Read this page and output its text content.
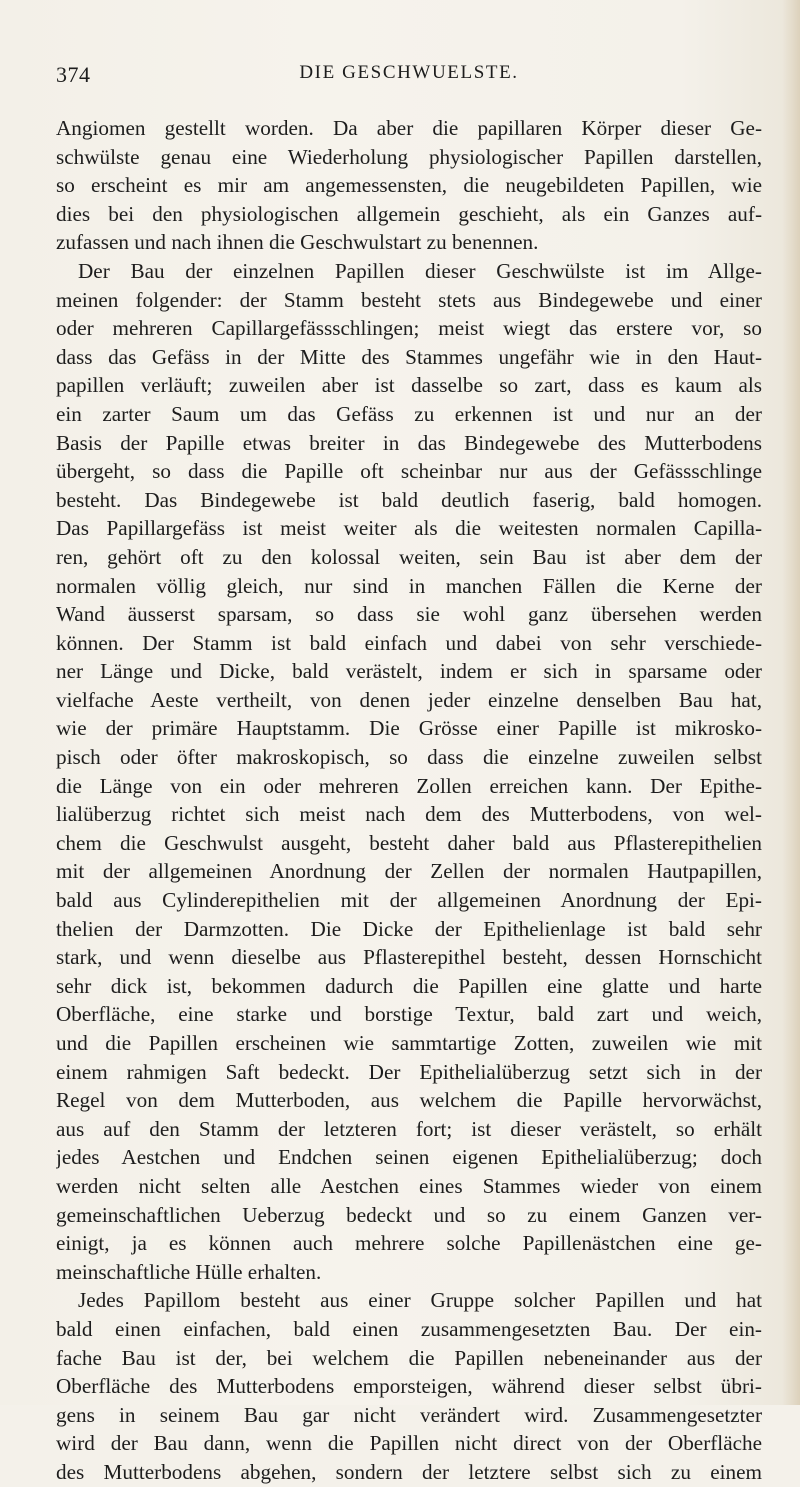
374	DIE GESCHWUELSTE.
Angiomen gestellt worden. Da aber die papillaren Körper dieser Ge-
schwülste genau eine Wiederholung physiologischer Papillen darstellen,
so erscheint es mir am angemessensten, die neugebildeten Papillen, wie
dies bei den physiologischen allgemein geschieht, als ein Ganzes auf-
zufassen und nach ihnen die Geschwulstart zu benennen.
Der Bau der einzelnen Papillen dieser Geschwülste ist im Allge-
meinen folgender: der Stamm besteht stets aus Bindegewebe und einer
oder mehreren Capillargefässschlingen; meist wiegt das erstere vor, so
dass das Gefäss in der Mitte des Stammes ungefähr wie in den Haut-
papillen verläuft; zuweilen aber ist dasselbe so zart, dass es kaum als
ein zarter Saum um das Gefäss zu erkennen ist und nur an der
Basis der Papille etwas breiter in das Bindegewebe des Mutterbodens
übergeht, so dass die Papille oft scheinbar nur aus der Gefässschlinge
besteht. Das Bindegewebe ist bald deutlich faserig, bald homogen.
Das Papillargefäss ist meist weiter als die weitesten normalen Capilla-
ren, gehört oft zu den kolossal weiten, sein Bau ist aber dem der
normalen völlig gleich, nur sind in manchen Fällen die Kerne der
Wand äusserst sparsam, so dass sie wohl ganz übersehen werden
können. Der Stamm ist bald einfach und dabei von sehr verschiede-
ner Länge und Dicke, bald verästelt, indem er sich in sparsame oder
vielfache Aeste vertheilt, von denen jeder einzelne denselben Bau hat,
wie der primäre Hauptstamm. Die Grösse einer Papille ist mikrosko-
pisch oder öfter makroskopisch, so dass die einzelne zuweilen selbst
die Länge von ein oder mehreren Zollen erreichen kann. Der Epithe-
lialüberzug richtet sich meist nach dem des Mutterbodens, von wel-
chem die Geschwulst ausgeht, besteht daher bald aus Pflasterepithelien
mit der allgemeinen Anordnung der Zellen der normalen Hautpapillen,
bald aus Cylinderepithelien mit der allgemeinen Anordnung der Epi-
thelien der Darmzotten. Die Dicke der Epithelienlage ist bald sehr
stark, und wenn dieselbe aus Pflasterepithel besteht, dessen Hornschicht
sehr dick ist, bekommen dadurch die Papillen eine glatte und harte
Oberfläche, eine starke und borstige Textur, bald zart und weich,
und die Papillen erscheinen wie sammtartige Zotten, zuweilen wie mit
einem rahmigen Saft bedeckt. Der Epithelialüberzug setzt sich in der
Regel von dem Mutterboden, aus welchem die Papille hervorwächst,
aus auf den Stamm der letzteren fort; ist dieser verästelt, so erhält
jedes Aestchen und Endchen seinen eigenen Epithelialüberzug; doch
werden nicht selten alle Aestchen eines Stammes wieder von einem
gemeinschaftlichen Ueberzug bedeckt und so zu einem Ganzen ver-
einigt, ja es können auch mehrere solche Papillenästchen eine ge-
meinschaftliche Hülle erhalten.
Jedes Papillom besteht aus einer Gruppe solcher Papillen und hat
bald einen einfachen, bald einen zusammengesetzten Bau. Der ein-
fache Bau ist der, bei welchem die Papillen nebeneinander aus der
Oberfläche des Mutterbodens emporsteigen, während dieser selbst übri-
gens in seinem Bau gar nicht verändert wird. Zusammengesetzter
wird der Bau dann, wenn die Papillen nicht direct von der Oberfläche
des Mutterbodens abgehen, sondern der letztere selbst sich zu einem
